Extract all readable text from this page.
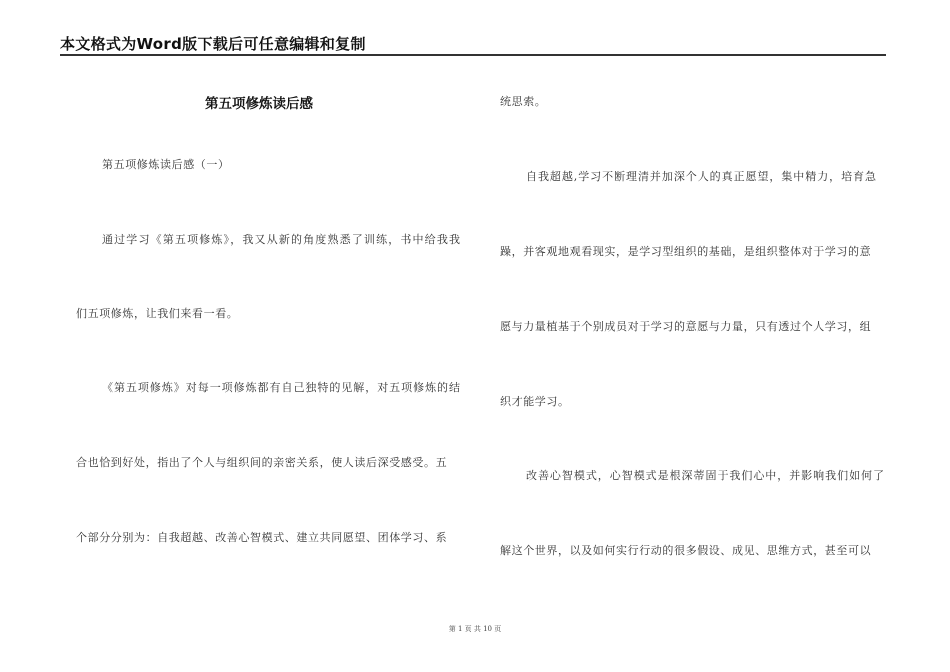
本文格式为Word版下载后可任意编辑和复制
第五项修炼读后感
第五项修炼读后感（一）
通过学习《第五项修炼》，我又从新的角度熟悉了训练，书中给我我
们五项修炼，让我们来看一看。
《第五项修炼》对每一项修炼都有自己独特的见解，对五项修炼的结
合也恰到好处，指出了个人与组织间的亲密关系，使人读后深受感受。五
个部分分别为：自我超越、改善心智模式、建立共同愿望、团体学习、系
统思索。
自我超越,学习不断理清并加深个人的真正愿望，集中精力，培育急
躁，并客观地观看现实，是学习型组织的基础，是组织整体对于学习的意
愿与力量植基于个别成员对于学习的意愿与力量，只有透过个人学习，组
织才能学习。
改善心智模式，心智模式是根深蒂固于我们心中，并影响我们如何了
解这个世界，以及如何实行行动的很多假设、成见、思维方式，甚至可以
第 1 页 共 10 页
